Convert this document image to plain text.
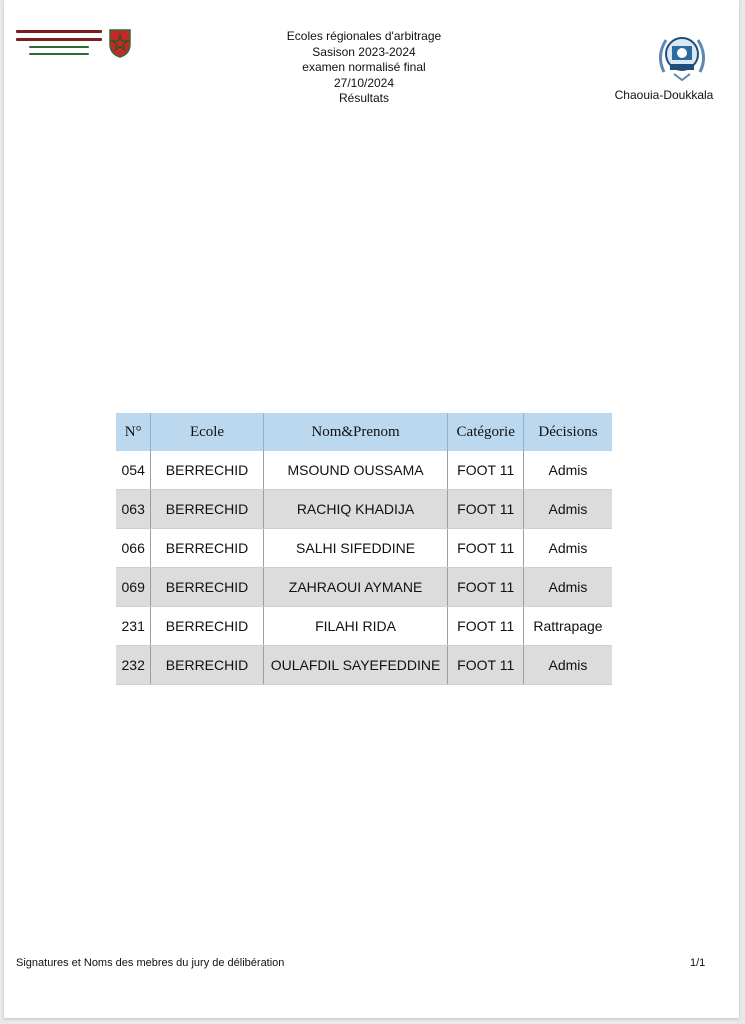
Ecoles régionales d'arbitrage
Sasison 2023-2024
examen normalisé final
27/10/2024
Résultats	Chaouia-Doukkala
N°	Ecole	Nom&Prenom	Catégorie	Décisions
054	BERRECHID	MSOUND OUSSAMA	FOOT 11	Admis
063	BERRECHID	RACHIQ KHADIJA	FOOT 11	Admis
066	BERRECHID	SALHI SIFEDDINE	FOOT 11	Admis
069	BERRECHID	ZAHRAOUI AYMANE	FOOT 11	Admis
231	BERRECHID	FILAHI RIDA	FOOT 11	Rattrapage
232	BERRECHID	OULAFDIL SAYEFEDDINE	FOOT 11	Admis
Signatures et Noms des mebres du jury de délibération	1/1
